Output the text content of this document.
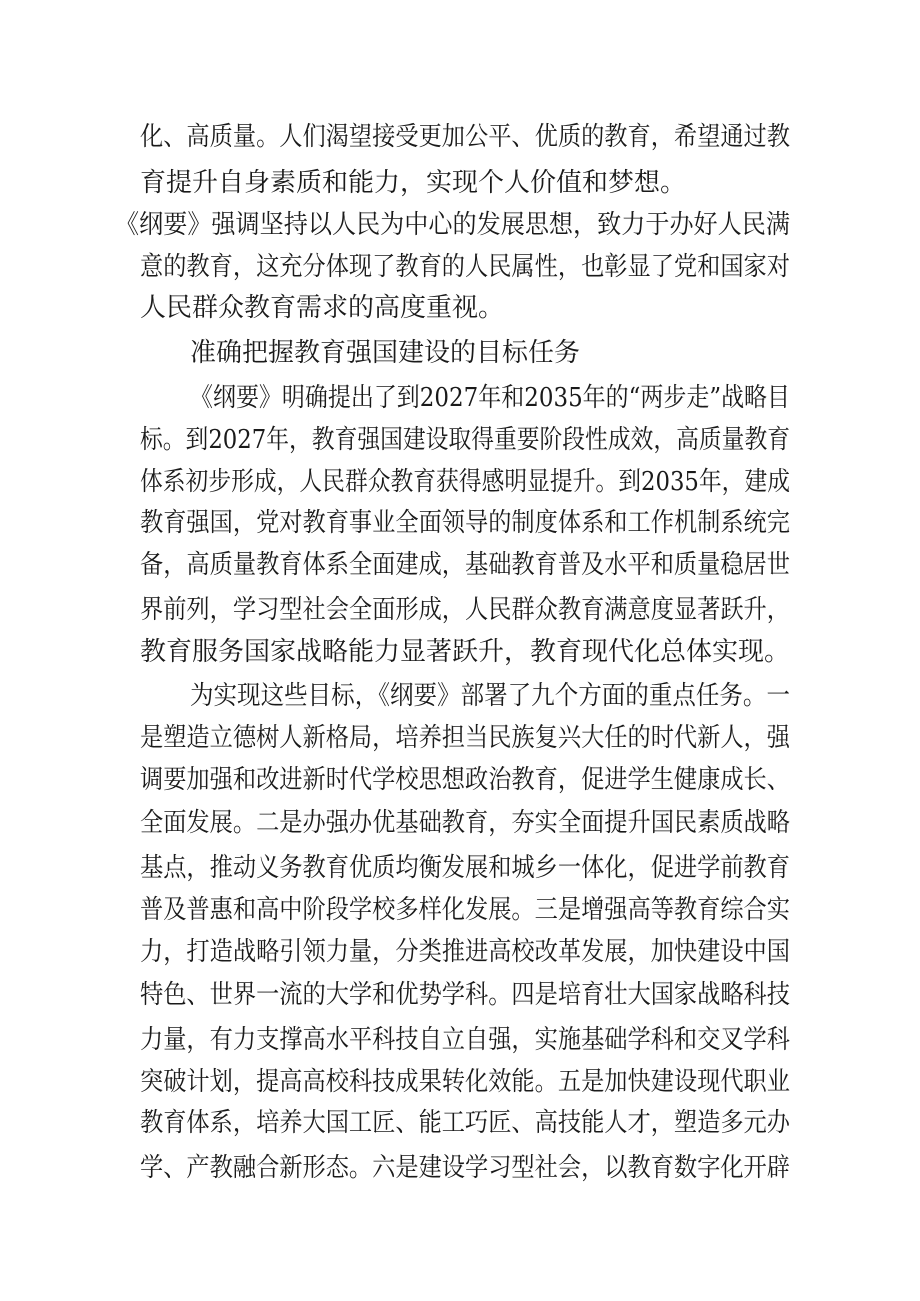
化、高质量。人们渴望接受更加公平、优质的教育，希望通过教
育提升自身素质和能力，实现个人价值和梦想。
《纲要》强调坚持以人民为中心的发展思想，致力于办好人民满
意的教育，这充分体现了教育的人民属性，也彰显了党和国家对
人民群众教育需求的高度重视。
准确把握教育强国建设的目标任务
《纲要》明确提出了到2027年和2035年的“两步走”战略目
标。到2027年，教育强国建设取得重要阶段性成效，高质量教育
体系初步形成，人民群众教育获得感明显提升。到2035年，建成
教育强国，党对教育事业全面领导的制度体系和工作机制系统完
备，高质量教育体系全面建成，基础教育普及水平和质量稳居世
界前列，学习型社会全面形成，人民群众教育满意度显著跃升，
教育服务国家战略能力显著跃升，教育现代化总体实现。
为实现这些目标，《纲要》部署了九个方面的重点任务。一
是塑造立德树人新格局，培养担当民族复兴大任的时代新人，强
调要加强和改进新时代学校思想政治教育，促进学生健康成长、
全面发展。二是办强办优基础教育，夯实全面提升国民素质战略
基点，推动义务教育优质均衡发展和城乡一体化，促进学前教育
普及普惠和高中阶段学校多样化发展。三是增强高等教育综合实
力，打造战略引领力量，分类推进高校改革发展，加快建设中国
特色、世界一流的大学和优势学科。四是培育壮大国家战略科技
力量，有力支撑高水平科技自立自强，实施基础学科和交叉学科
突破计划，提高高校科技成果转化效能。五是加快建设现代职业
教育体系，培养大国工匠、能工巧匠、高技能人才，塑造多元办
学、产教融合新形态。六是建设学习型社会，以教育数字化开辟
